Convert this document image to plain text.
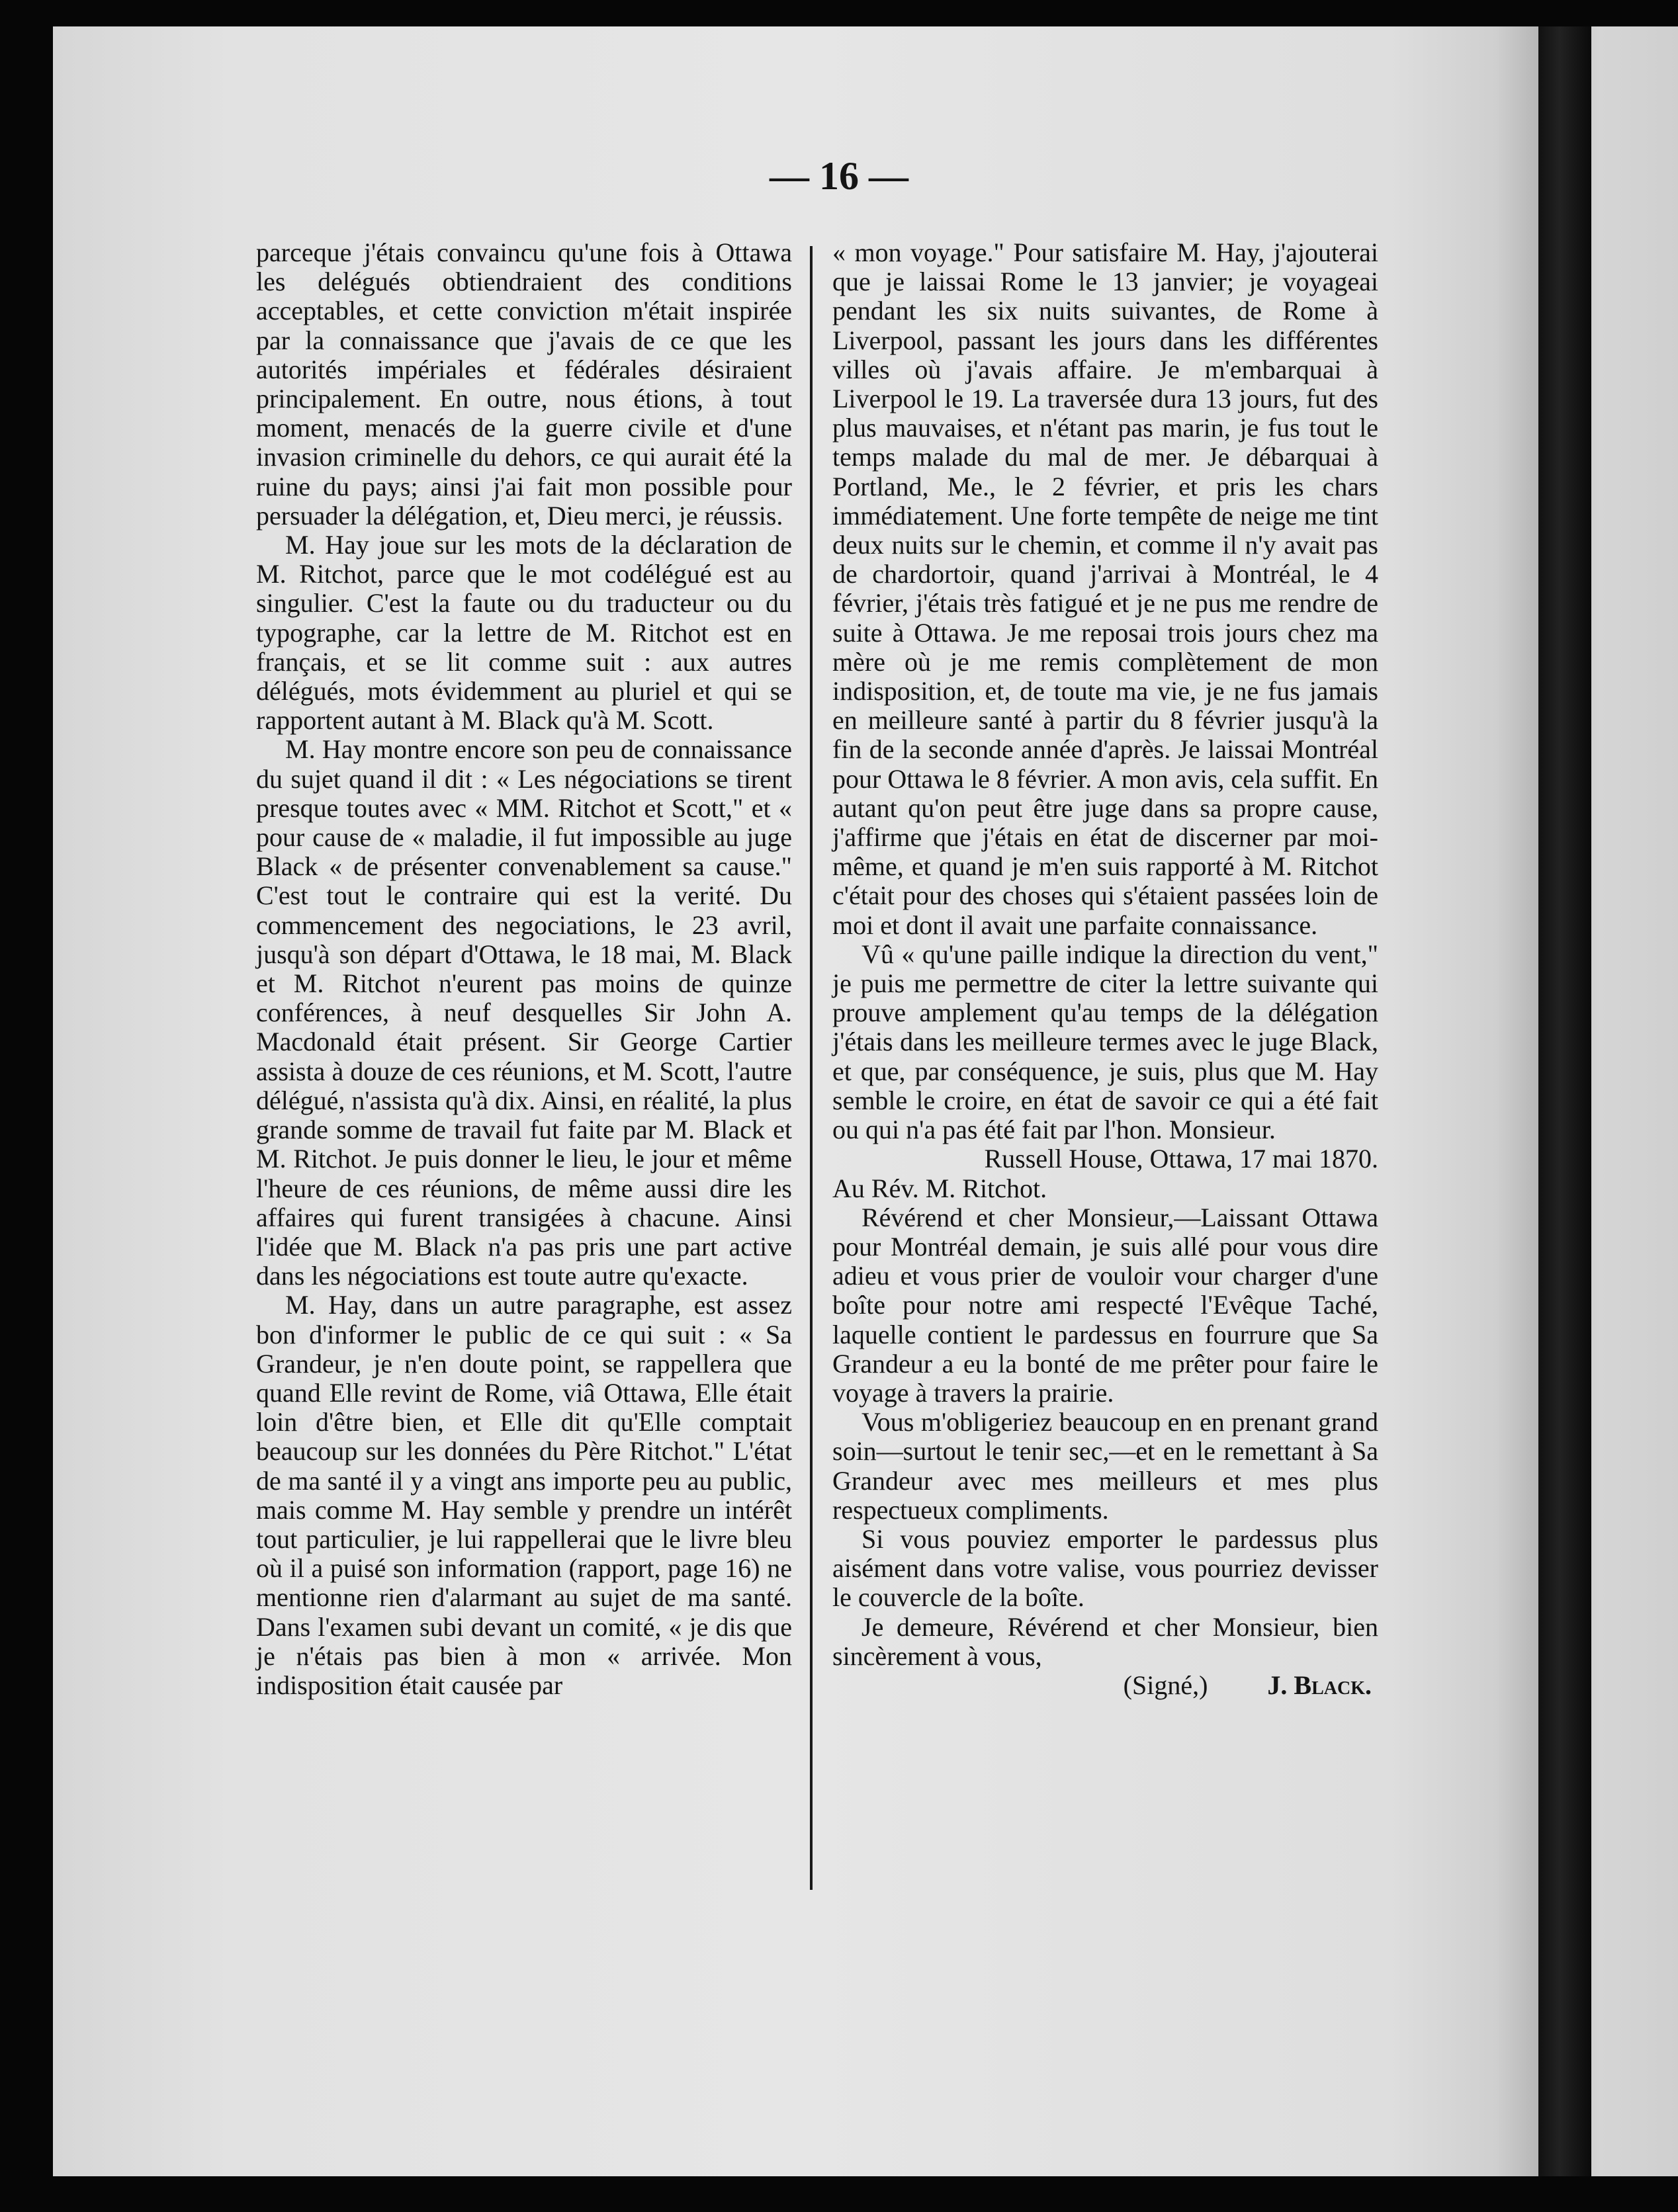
— 16 —

parceque j'étais convaincu qu'une fois à Ottawa les delégués obtiendraient des conditions acceptables, et cette conviction m'était inspirée par la connaissance que j'avais de ce que les autorités impériales et fédérales désiraient principalement. En outre, nous étions, à tout moment, menacés de la guerre civile et d'une invasion criminelle du dehors, ce qui aurait été la ruine du pays; ainsi j'ai fait mon possible pour persuader la délégation, et, Dieu merci, je réussis.

M. Hay joue sur les mots de la déclaration de M. Ritchot, parce que le mot codélégué est au singulier. C'est la faute ou du traducteur ou du typographe, car la lettre de M. Ritchot est en français, et se lit comme suit : aux autres délégués, mots évidemment au pluriel et qui se rapportent autant à M. Black qu'à M. Scott.

M. Hay montre encore son peu de connaissance du sujet quand il dit : « Les négociations se tirent presque toutes avec « MM. Ritchot et Scott," et « pour cause de « maladie, il fut impossible au juge Black « de présenter convenablement sa cause." C'est tout le contraire qui est la verité. Du commencement des negociations, le 23 avril, jusqu'à son départ d'Ottawa, le 18 mai, M. Black et M. Ritchot n'eurent pas moins de quinze conférences, à neuf desquelles Sir John A. Macdonald était présent. Sir George Cartier assista à douze de ces réunions, et M. Scott, l'autre délégué, n'assista qu'à dix. Ainsi, en réalité, la plus grande somme de travail fut faite par M. Black et M. Ritchot. Je puis donner le lieu, le jour et même l'heure de ces réunions, de même aussi dire les affaires qui furent transigées à chacune. Ainsi l'idée que M. Black n'a pas pris une part active dans les négociations est toute autre qu'exacte.

M. Hay, dans un autre paragraphe, est assez bon d'informer le public de ce qui suit : « Sa Grandeur, je n'en doute point, se rappellera que quand Elle revint de Rome, viâ Ottawa, Elle était loin d'être bien, et Elle dit qu'Elle comptait beaucoup sur les données du Père Ritchot." L'état de ma santé il y a vingt ans importe peu au public, mais comme M. Hay semble y prendre un intérêt tout particulier, je lui rappellerai que le livre bleu où il a puisé son information (rapport, page 16) ne mentionne rien d'alarmant au sujet de ma santé. Dans l'examen subi devant un comité, « je dis que je n'étais pas bien à mon « arrivée. Mon indisposition était causée par

« mon voyage." Pour satisfaire M. Hay, j'ajouterai que je laissai Rome le 13 janvier; je voyageai pendant les six nuits suivantes, de Rome à Liverpool, passant les jours dans les différentes villes où j'avais affaire. Je m'embarquai à Liverpool le 19. La traversée dura 13 jours, fut des plus mauvaises, et n'étant pas marin, je fus tout le temps malade du mal de mer. Je débarquai à Portland, Me., le 2 février, et pris les chars immédiatement. Une forte tempête de neige me tint deux nuits sur le chemin, et comme il n'y avait pas de chardortoir, quand j'arrivai à Montréal, le 4 février, j'étais très fatigué et je ne pus me rendre de suite à Ottawa. Je me reposai trois jours chez ma mère où je me remis complètement de mon indisposition, et, de toute ma vie, je ne fus jamais en meilleure santé à partir du 8 février jusqu'à la fin de la seconde année d'après. Je laissai Montréal pour Ottawa le 8 février. A mon avis, cela suffit. En autant qu'on peut être juge dans sa propre cause, j'affirme que j'étais en état de discerner par moi-même, et quand je m'en suis rapporté à M. Ritchot c'était pour des choses qui s'étaient passées loin de moi et dont il avait une parfaite connaissance.

Vû « qu'une paille indique la direction du vent," je puis me permettre de citer la lettre suivante qui prouve amplement qu'au temps de la délégation j'étais dans les meilleure termes avec le juge Black, et que, par conséquence, je suis, plus que M. Hay semble le croire, en état de savoir ce qui a été fait ou qui n'a pas été fait par l'hon. Monsieur.

Russell House, Ottawa, 17 mai 1870.

Au Rév. M. Ritchot.

Révérend et cher Monsieur,—Laissant Ottawa pour Montréal demain, je suis allé pour vous dire adieu et vous prier de vouloir vour charger d'une boîte pour notre ami respecté l'Evêque Taché, laquelle contient le pardessus en fourrure que Sa Grandeur a eu la bonté de me prêter pour faire le voyage à travers la prairie.

Vous m'obligeriez beaucoup en en prenant grand soin—surtout le tenir sec,—et en le remettant à Sa Grandeur avec mes meilleurs et mes plus respectueux compliments.

Si vous pouviez emporter le pardessus plus aisément dans votre valise, vous pourriez devisser le couvercle de la boîte.

Je demeure, Révérend et cher Monsieur, bien sincèrement à vous,

(Signé,) J. Black.
